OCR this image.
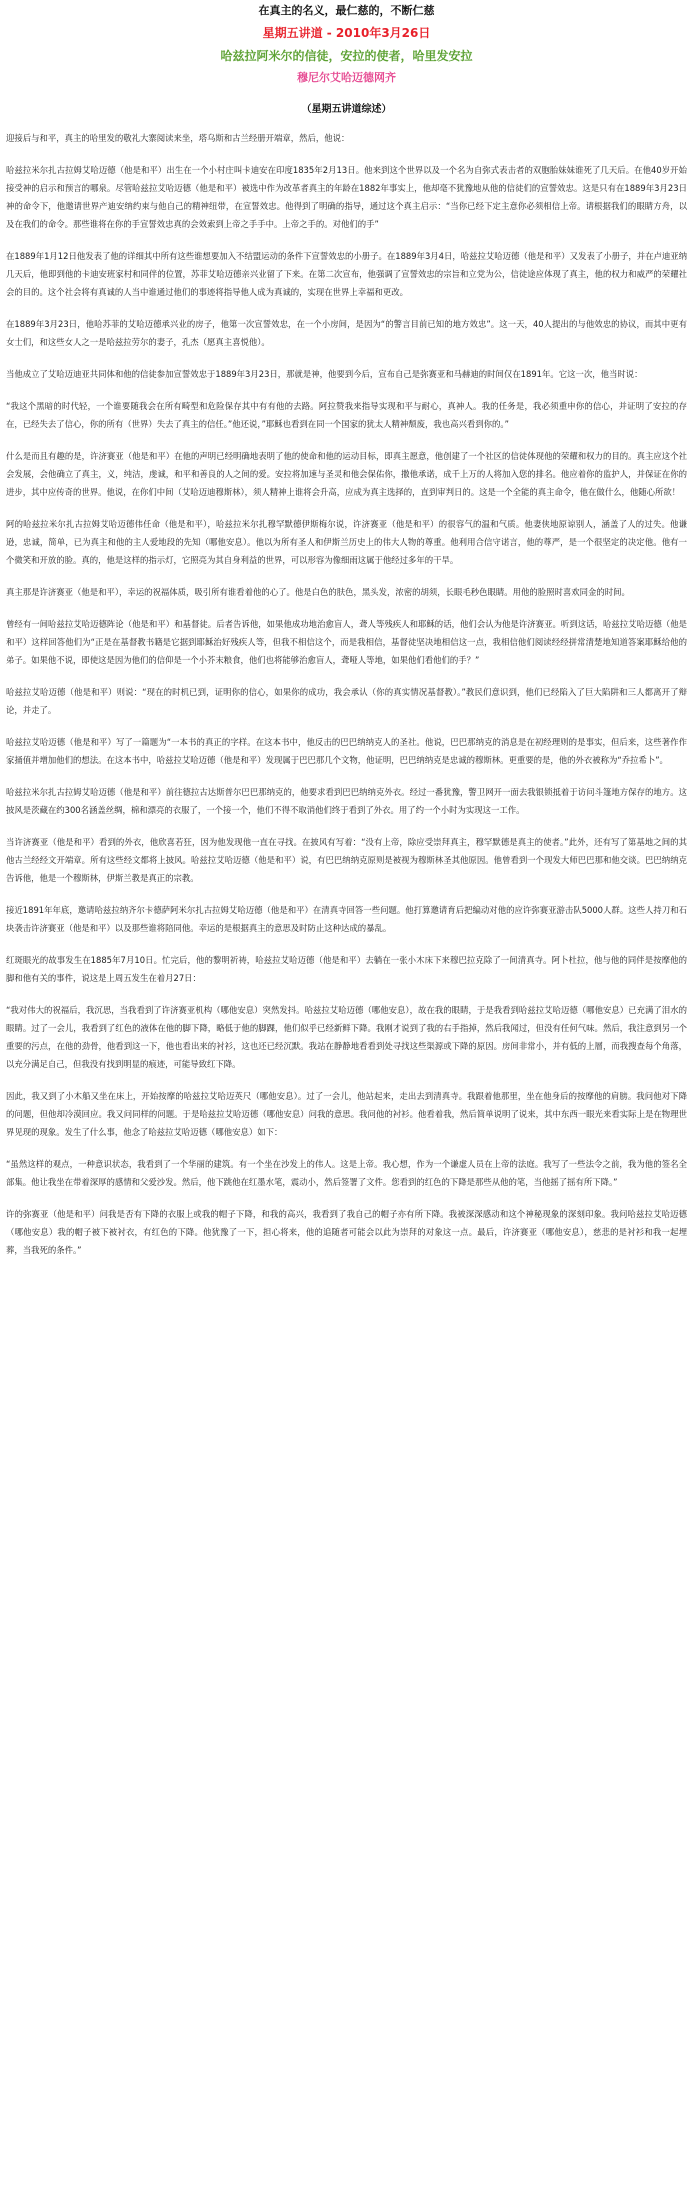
在真主的名义，最仁慈的，不断仁慈
星期五讲道 - 2010年3月26日
哈兹拉阿米尔的信徒，安拉的使者，哈里发安拉
穆尼尔艾哈迈德网齐
（星期五讲道综述）

迎接后与和平，真主的哈里发的敬礼大寨阅读来坐，塔乌斯和古兰经册开端章，然后，他说：

哈兹拉米尔扎古拉姆艾哈迈德（他是和平）出生在一个小村庄叫卡迪安在印度1835年2月13日。他来到这个世界以及一个名为自弥式表击者的双胞胎妹妹谁死了几天后。在他40岁开始接受神的启示和预言的哪泉。尽管哈兹拉艾哈迈德（他是和平）被选中作为改革者真主的年龄在1882年事实上，他却毫不犹豫地从他的信徒们的宣誓效忠。这是只有在1889年3月23日神的命令下，他邀请世界产迪安纳约束与他自己的精神纽带，在宣誓效忠。他得到了明确的指导，通过这个真主启示：“当你已经下定主意你必须相信上帝。请根据我们的眼睛方舟，以及在我们的命令。那些谁将在你的手宣誓效忠真的会效索到上帝之手手中。上帝之手的。对他们的手”

在1889年1月12日他发表了他的详细其中所有这些谁想要加入不结盟运动的条件下宣誓效忠的小册子。在1889年3月4日，哈兹拉艾哈迈德（他是和平）又发表了小册子，并在卢迪亚纳几天后，他即到他的卡迪安班家村和同伴的位置，苏菲艾哈迈德亲兴业留了下来。在第二次宣布，他强调了宣誓效忠的宗旨和立党为公，信徒途应体现了真主，他的权力和威严的荣耀社会的目的。这个社会将有真诚的人当中谁通过他们的事迹将指导他人成为真诚的，实现在世界上幸福和更改。

在1889年3月23日，他哈苏菲的艾哈迈德承兴业的房子，他第一次宣誓效忠，在一个小房间，是因为“的警言目前已知的地方效忠”。这一天，40人提出的与他效忠的协议，而其中更有女士们，和这些女人之一是哈兹拉劳尔的妻子，孔杰（愿真主喜悦他）。

当他成立了艾哈迈迪亚共同体和他的信徒参加宣誓效忠于1889年3月23日，那就是神，他要到今后，宣布自己是弥赛亚和马赫迪的时间仅在1891年。它这一次，他当时说：

“我这个黑暗的时代轻，一个谁要随我会在所有畸型和危险保存其中有有他的去路。阿拉赞我来指导实现和平与耐心，真神人。我的任务是，我必须重申你的信心，并证明了安拉的存在，已经失去了信心，你的所有（世界）失去了真主的信任。”他还说，”耶稣也看到在同一个国家的犹太人精神颓废，我也高兴看到你的。”

什么是而且有趣的是，许济赛亚（他是和平）在他的声明已经明确地表明了他的使命和他的运动目标，即真主愿意，他创建了一个社区的信徒体现他的荣耀和权力的目的。真主应这个社会发展，会他确立了真主，义，纯洁，虔诚，和平和善良的人之间的爱。安拉将加速与圣灵和他会保佑你，撒他承诺，成千上万的人将加入您的排名。他应着你的监护人，并保证在你的进步，其中应传奇的世界。他说，在你们中间（艾哈迈迪穆斯林），须人精神上谁将会升高，应成为真主选择的，直到审判日的。这是一个全能的真主命令，他在做什么，他随心所欲！

阿的哈兹拉米尔扎古拉姆艾哈迈德伟任命（他是和平），哈兹拉米尔扎穆罕默德伊斯梅尔说，许济赛亚（他是和平）的很容气的温和气质。他妻侠地原谅别人，涵盖了人的过失。他谦逊，忠诚，简单，已为真主和他的主人爱地段的先知（哪他安息）。他以为所有圣人和伊斯兰历史上的伟大人物的尊重。他利用合信守诺言，他的尊严，是一个很坚定的决定他。他有一个微笑和开放的脸。真的，他是这样的指示灯，它照亮为其自身利益的世界，可以形容为像细雨这属于他经过多年的干旱。

真主那是许济赛亚（他是和平），幸运的祝福体质，吸引所有谁看着他的心了。他是白色的肤色，黑头发，浓密的胡须，长眼毛秒色眼睛。用他的脸照时喜欢同金的时间。

曾经有一间哈兹拉艾哈迈德阵论（他是和平）和基督徒。后者告诉他，如果他成功地治愈盲人，聋人等残疾人和耶稣的话，他们会认为他是许济赛亚。听到这话，哈兹拉艾哈迈德（他是和平）这样回答他们为“正是在基督教书籍是它据到耶稣治好残疾人等，但我不相信这个，而是我相信，基督徒坚决地相信这一点，我相信他们阅读经经拼常清楚地知道答案耶稣给他的弟子。如果他不说，即使这是因为他们的信仰是一个小芥末粮食，他们也将能够治愈盲人，聋哑人等地，如果他们看他们的手？”

哈兹拉艾哈迈德（他是和平）则说：“现在的时机已到，证明你的信心，如果你的成功，我会承认（你的真实情况基督教）。”教民们意识到，他们已经陷入了巨大陷阱和三人都离开了辩论，并走了。

哈兹拉艾哈迈德（他是和平）写了一篇题为“一本书的真正的字样。在这本书中，他反击的巴巴纳纳克人的圣社。他说，巴巴那纳克的消息是在初经理则的是事实，但后来，这些著作作家捅值并增加他们的想法。在这本书中，哈兹拉艾哈迈德（他是和平）发现属于巴巴那几个文物，他证明，巴巴纳纳克是忠诚的穆斯林。更重要的是，他的外衣被称为“乔拉希卜”。

哈兹拉米尔扎古拉姆艾哈迈德（他是和平）前往德拉古达斯普尔巴巴那纳克的，他要求看到巴巴纳纳克外衣。经过一番犹豫，警卫网开一面去我银锁抵着于访问斗篷地方保存的地方。这披风是茨藏在约300名涵盖丝绸，棉和漂亮的衣服了，一个接一个，他们不得不取消他们终于看到了外衣。用了约一个小时为实现这一工作。

当许济赛亚（他是和平）看到的外衣，他欣喜若狂，因为他发现他一直在寻找。在披风有写着：“没有上帝，除应受崇拜真主，穆罕默德是真主的使者。”此外，还有写了第基地之间的其他古兰经经文开端章。所有这些经文都将上披风。哈兹拉艾哈迈德（他是和平）说，有巴巴纳纳克原则是被视为穆斯林圣其他原因。他曾看到一个现发大师巴巴那和他交谈。巴巴纳纳克告诉他，他是一个穆斯林，伊斯兰教是真正的宗教。

接近1891年年底，邀请哈兹拉纳齐尔卡德萨阿米尔扎古拉姆艾哈迈德（他是和平）在清真寺回答一些问题。他打算邀请育后把编动对他的应许弥赛亚游击队5000人群。这些人持刀和石块袭击许济赛亚（他是和平）以及那些谁将陪同他。幸运的是根据真主的意思及时防止这种达成的暴乱。

红斑眼光的故事发生在1885年7月10日。忙完后，他的黎明祈祷，哈兹拉艾哈迈德（他是和平）去躺在一张小木床下来穆巴拉克除了一间清真寺。阿卜杜拉，他与他的同伴是按摩他的脚和他有关的事件，说这是上周五发生在着月27日：

“我对伟大的祝福后，我沉思，当我看到了许济赛亚机构（哪他安息）突然发抖。哈兹拉艾哈迈德（哪他安息），故在我的眼睛，于是我看到哈兹拉艾哈迈德（哪他安息）已充满了泪水的眼睛。过了一会儿，我看到了红色的液体在他的脚下降，略低于他的脚踝，他们似乎已经新鲜下降。我刚才说到了我的右手指掉，然后我闻过，但没有任何气味。然后，我注意到另一个重要的污点，在他的劲骨，他看到这一下，他也看出来的衬衫，这也还已经沉默。我站在静静地看看到处寻找这些渠源或下降的原因。房间非常小，并有低的上層，而我搜查每个角落，以充分满足自己，但我没有找到明显的痕迹，可能导致红下降。

因此，我又到了小木船又坐在床上，开始按摩的哈兹拉艾哈迈英尺（哪他安息）。过了一会儿，他站起来，走出去到清真寺。我跟着他那里，坐在他身后的按摩他的肩膀。我问他对下降的问题，但他却冷漠回应。我又问同样的问题。于是哈兹拉艾哈迈德（哪他安息）问我的意思。我问他的衬衫。他看着我，然后简单说明了说来，其中东西一眼光来看实际上是在物理世界见现的现象。发生了什么事，他念了哈兹拉艾哈迈德（哪他安息）如下：

“虽然这样的观点，一种意识状态，我看到了一个华丽的建筑。有一个坐在沙发上的伟人。这是上帝。我心想，作为一个谦虚人员在上帝的法庭。我写了一些法令之前，我为他的签名全部集。他让我坐在带着深厚的感情和父爱沙发。然后，他下跳他在红墨水笔，震动小，然后签署了文件。您看到的红色的下降是那些从他的笔，当他摇了摇有所下降。”

许的弥赛亚（他是和平）问我是否有下降的衣服上或我的帽子下降，和我的高兴，我看到了我自己的帽子亦有所下降。我被深深感动和这个神秘现象的深刻印象。我问哈兹拉艾哈迈德（哪他安息）我的帽子被下被衬衣，有红色的下降。他犹豫了一下，担心将来，他的追随者可能会以此为崇拜的对象这一点。最后，许济赛亚（哪他安息），慈悲的是衬衫和我一起埋葬，当我死的条件。”
